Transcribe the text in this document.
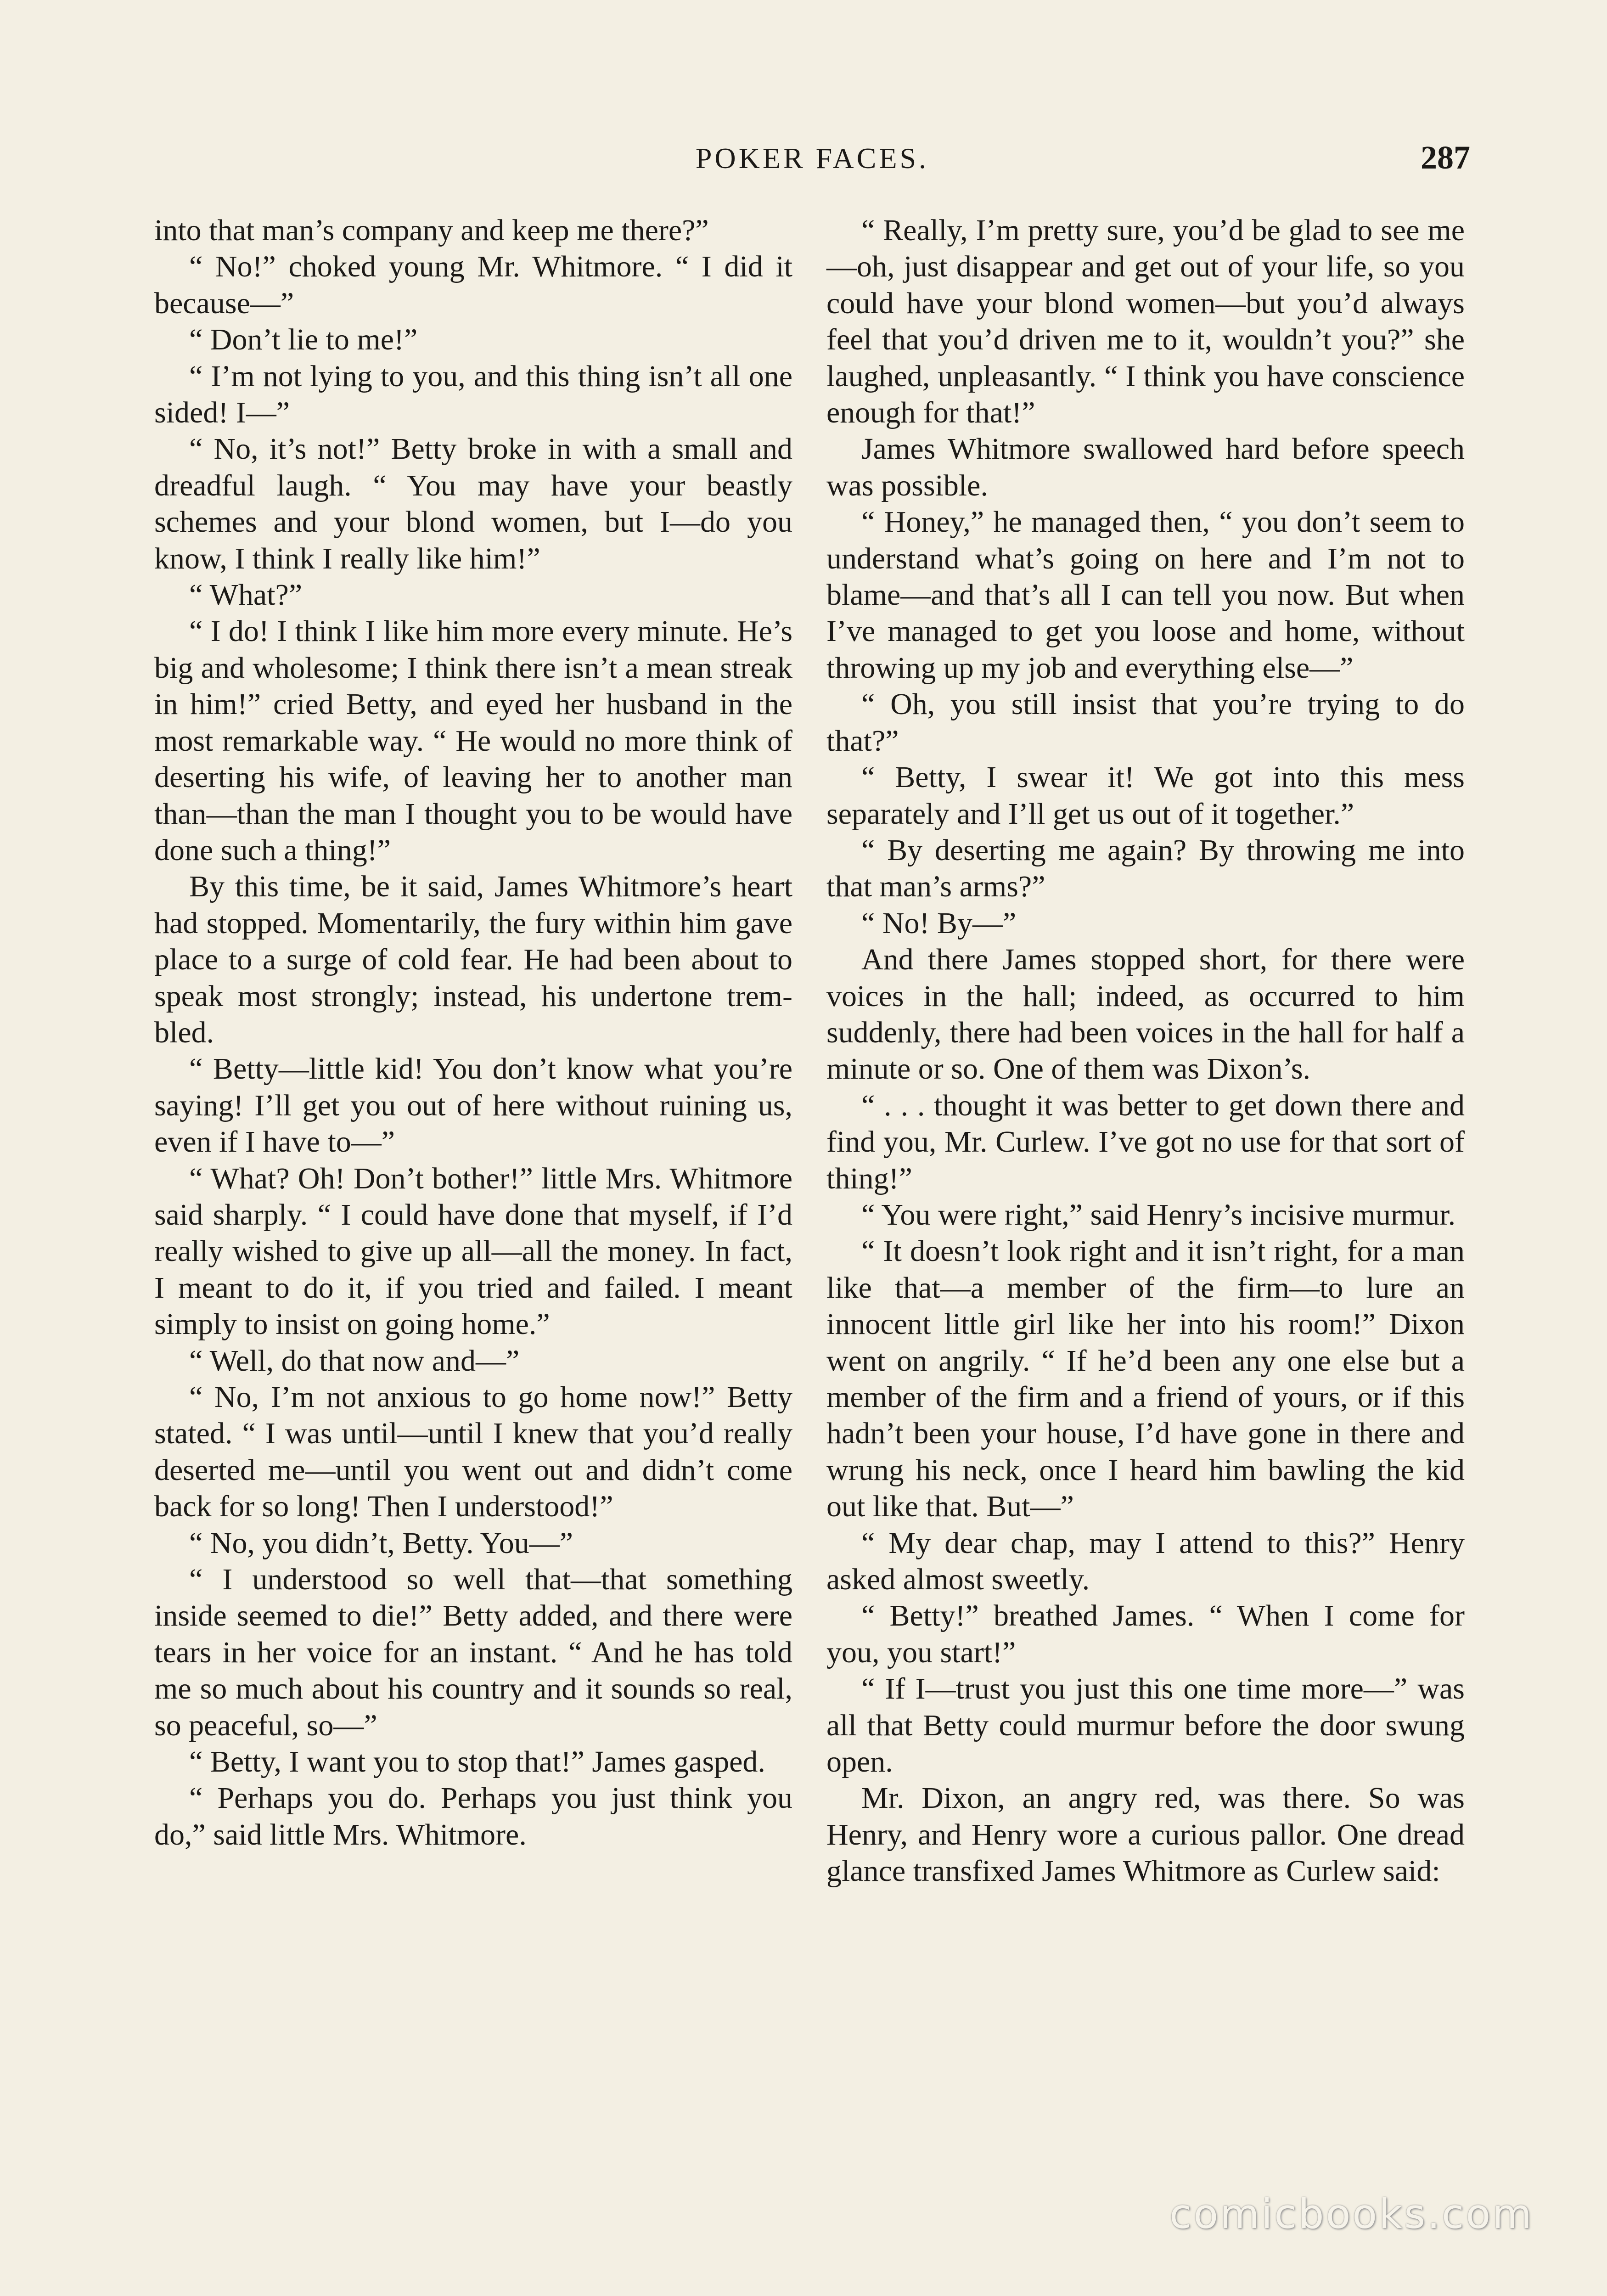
POKER FACES.	287

into that man’s company and keep me there?”

“ No!” choked young Mr. Whitmore. “ I did it because—”

“ Don’t lie to me!”

“ I’m not lying to you, and this thing isn’t all one sided! I—”

“ No, it’s not!” Betty broke in with a small and dreadful laugh. “ You may have your beastly schemes and your blond women, but I—do you know, I think I really like him!”

“ What?”

“ I do! I think I like him more every minute. He’s big and wholesome; I think there isn’t a mean streak in him!” cried Betty, and eyed her husband in the most remarkable way. “ He would no more think of deserting his wife, of leaving her to another man than—than the man I thought you to be would have done such a thing!”

By this time, be it said, James Whitmore’s heart had stopped. Momentarily, the fury within him gave place to a surge of cold fear. He had been about to speak most strongly; instead, his undertone trembled.

“ Betty—little kid! You don’t know what you’re saying! I’ll get you out of here without ruining us, even if I have to—”

“ What? Oh! Don’t bother!” little Mrs. Whitmore said sharply. “ I could have done that myself, if I’d really wished to give up all—all the money. In fact, I meant to do it, if you tried and failed. I meant simply to insist on going home.”

“ Well, do that now and—”

“ No, I’m not anxious to go home now!” Betty stated. “ I was until—until I knew that you’d really deserted me—until you went out and didn’t come back for so long! Then I understood!”

“ No, you didn’t, Betty. You—”

“ I understood so well that—that something inside seemed to die!” Betty added, and there were tears in her voice for an instant. “ And he has told me so much about his country and it sounds so real, so peaceful, so—”

“ Betty, I want you to stop that!” James gasped.

“ Perhaps you do. Perhaps you just think you do,” said little Mrs. Whitmore.

“ Really, I’m pretty sure, you’d be glad to see me—oh, just disappear and get out of your life, so you could have your blond women—but you’d always feel that you’d driven me to it, wouldn’t you?” she laughed, unpleasantly. “ I think you have conscience enough for that!”

James Whitmore swallowed hard before speech was possible.

“ Honey,” he managed then, “ you don’t seem to understand what’s going on here and I’m not to blame—and that’s all I can tell you now. But when I’ve managed to get you loose and home, without throwing up my job and everything else—”

“ Oh, you still insist that you’re trying to do that?”

“ Betty, I swear it! We got into this mess separately and I’ll get us out of it together.”

“ By deserting me again? By throwing me into that man’s arms?”

“ No! By—”

And there James stopped short, for there were voices in the hall; indeed, as occurred to him suddenly, there had been voices in the hall for half a minute or so. One of them was Dixon’s.

“ . . . thought it was better to get down there and find you, Mr. Curlew. I’ve got no use for that sort of thing!”

“ You were right,” said Henry’s incisive murmur.

“ It doesn’t look right and it isn’t right, for a man like that—a member of the firm—to lure an innocent little girl like her into his room!” Dixon went on angrily. “ If he’d been any one else but a member of the firm and a friend of yours, or if this hadn’t been your house, I’d have gone in there and wrung his neck, once I heard him bawling the kid out like that. But—”

“ My dear chap, may I attend to this?” Henry asked almost sweetly.

“ Betty!” breathed James. “ When I come for you, you start!”

“ If I—trust you just this one time more—” was all that Betty could murmur before the door swung open.

Mr. Dixon, an angry red, was there. So was Henry, and Henry wore a curious pallor. One dread glance transfixed James Whitmore as Curlew said:

comicbooks.com
